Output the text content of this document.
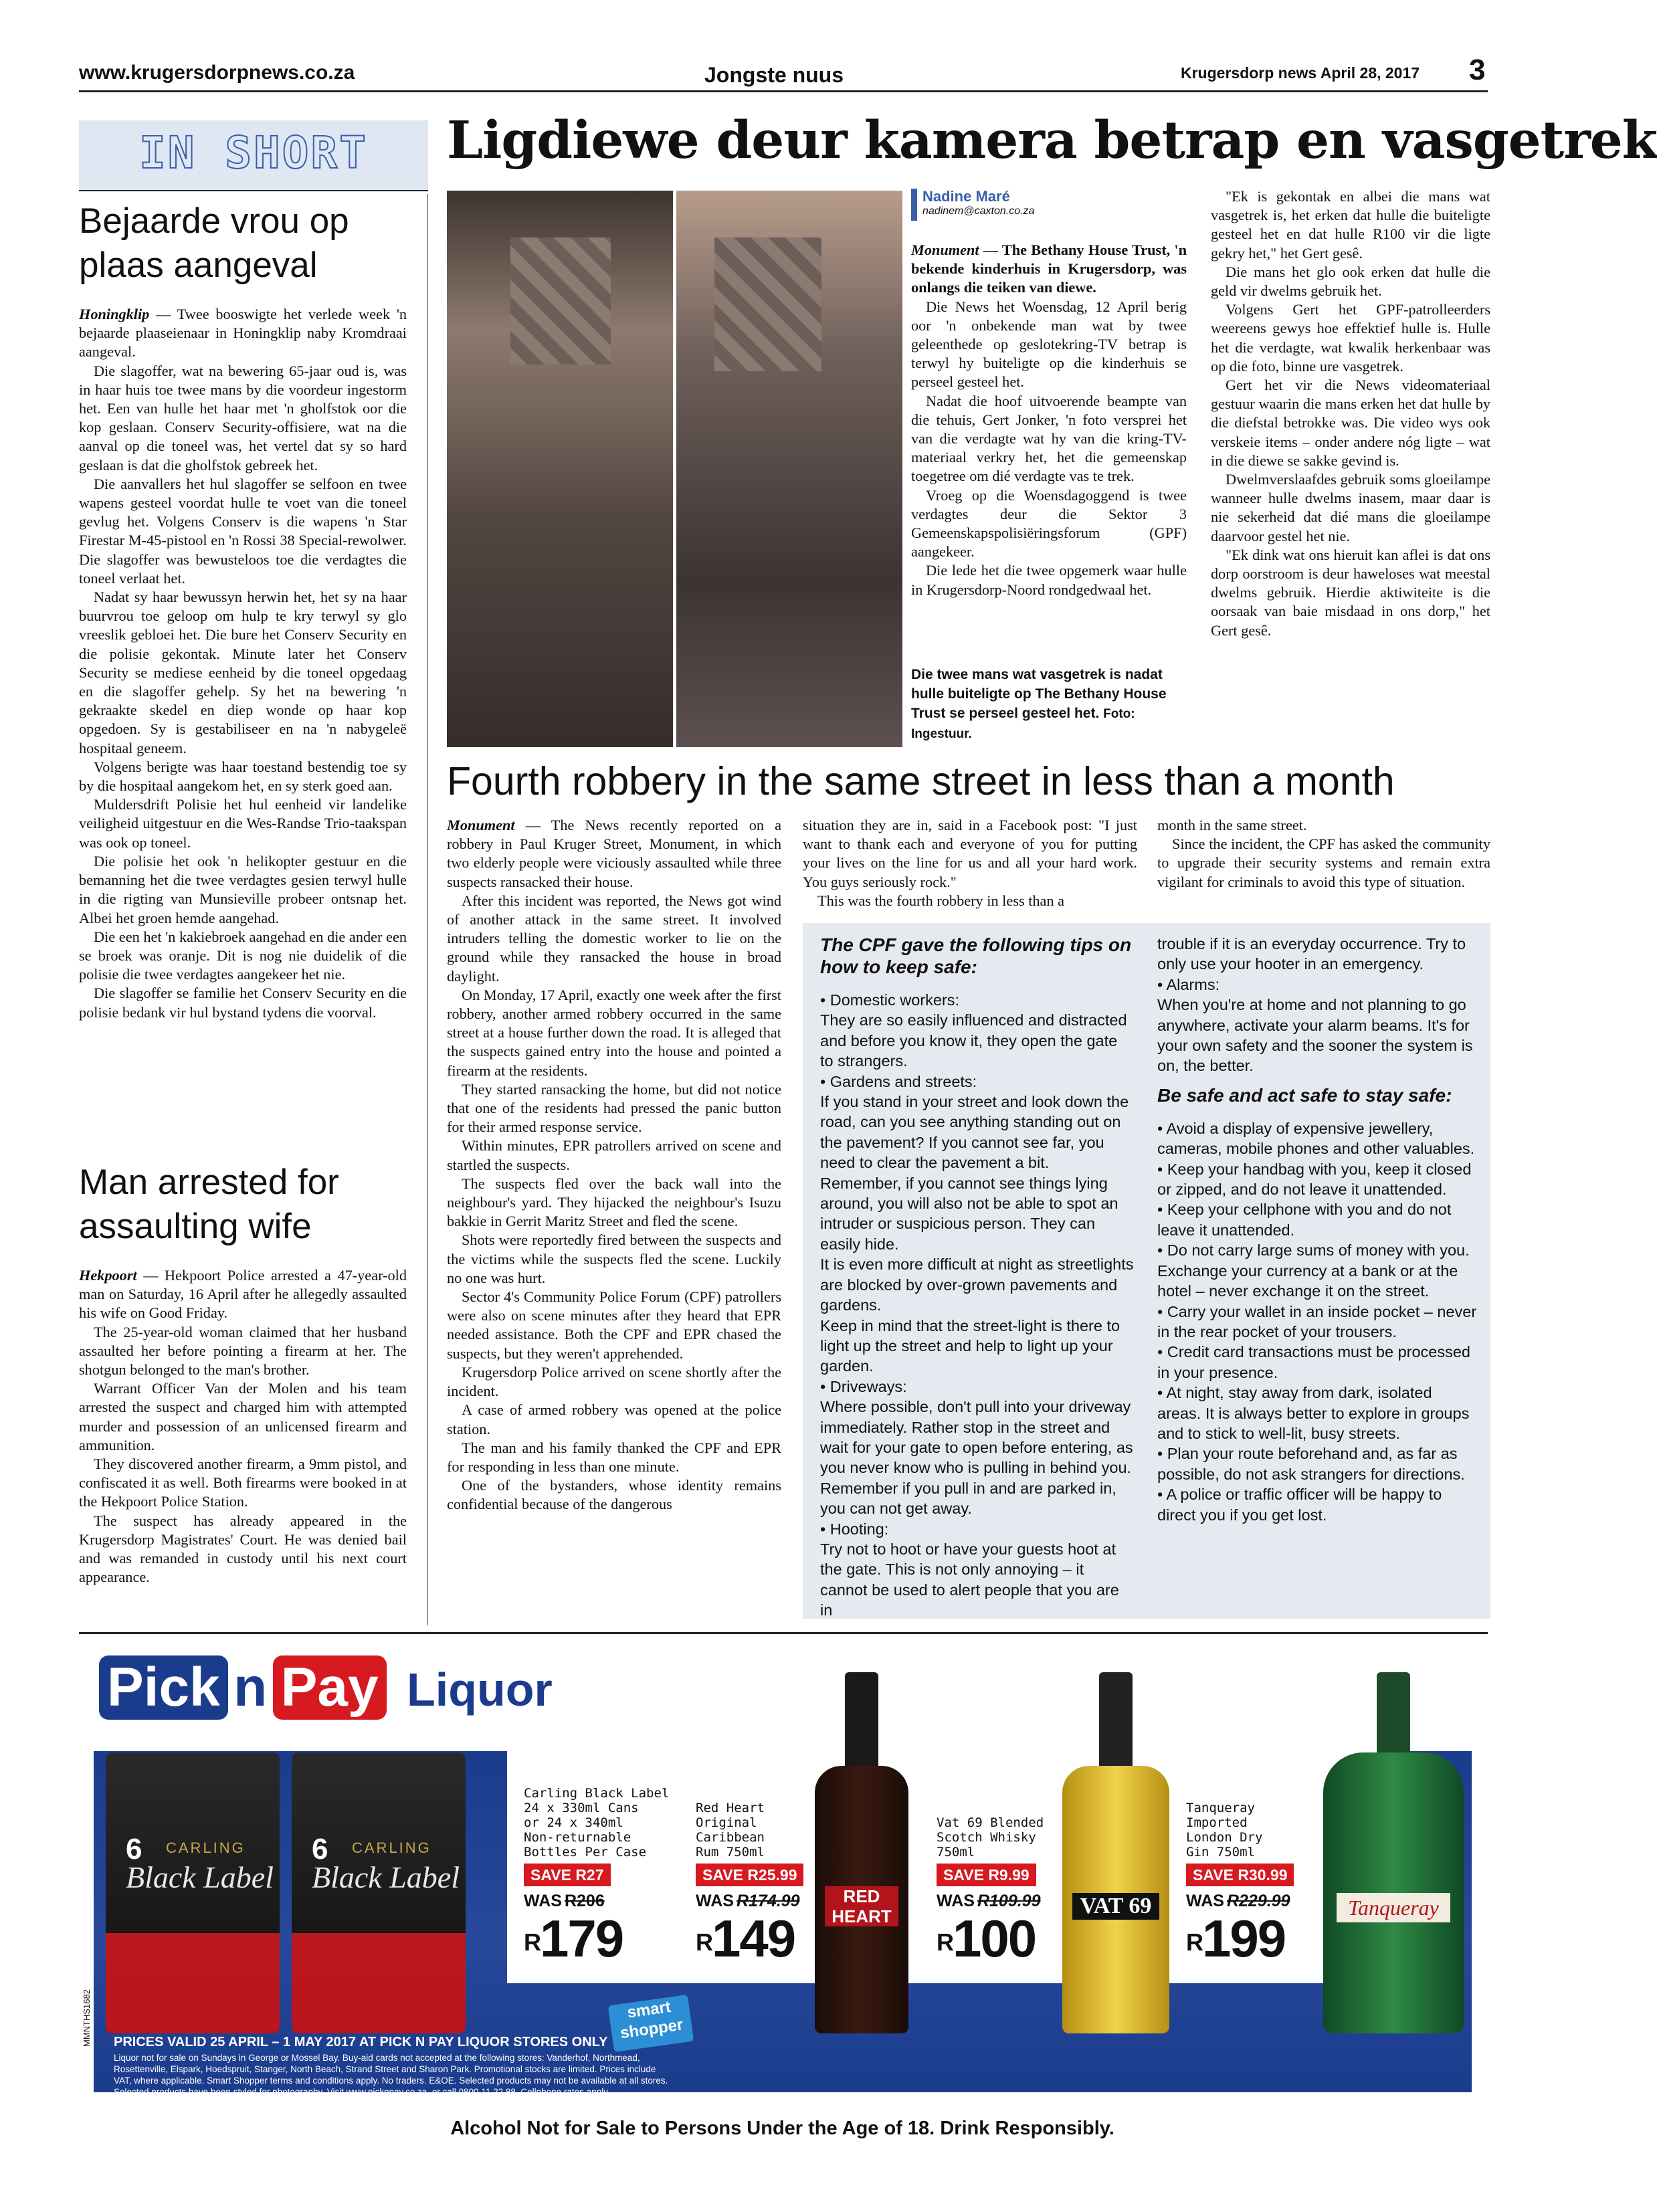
www.krugersdorpnews.co.za	Jongste nuus	Krugersdorp news April 28, 2017 3
IN SHORT
Bejaarde vrou op plaas aangeval

Honingklip — Twee booswigte het verlede week 'n bejaarde plaaseienaar in Honingklip naby Kromdraai aangeval.

Die slagoffer, wat na bewering 65-jaar oud is, was in haar huis toe twee mans by die voordeur ingestorm het. Een van hulle het haar met 'n gholfstok oor die kop geslaan. Conserv Security-offisiere, wat na die aanval op die toneel was, het vertel dat sy so hard geslaan is dat die gholfstok gebreek het.

Die aanvallers het hul slagoffer se selfoon en twee wapens gesteel voordat hulle te voet van die toneel gevlug het. Volgens Conserv is die wapens 'n Star Firestar M-45-pistool en 'n Rossi 38 Special-rewolwer. Die slagoffer was bewusteloos toe die verdagtes die toneel verlaat het.

Nadat sy haar bewussyn herwin het, het sy na haar buurvrou toe geloop om hulp te kry terwyl sy glo vreeslik gebloei het. Die bure het Conserv Security en die polisie gekontak. Minute later het Conserv Security se mediese eenheid by die toneel opgedaag en die slagoffer gehelp. Sy het na bewering 'n gekraakte skedel en diep wonde op haar kop opgedoen. Sy is gestabiliseer en na 'n nabygeleë hospitaal geneem.

Volgens berigte was haar toestand bestendig toe sy by die hospitaal aangekom het, en sy sterk goed aan.

Muldersdrift Polisie het hul eenheid vir landelike veiligheid uitgestuur en die Wes-Randse Trio-taakspan was ook op toneel.

Die polisie het ook 'n helikopter gestuur en die bemanning het die twee verdagtes gesien terwyl hulle in die rigting van Munsieville probeer ontsnap het. Albei het groen hemde aangehad.

Die een het 'n kakiebroek aangehad en die ander een se broek was oranje. Dit is nog nie duidelik of die polisie die twee verdagtes aangekeer het nie.

Die slagoffer se familie het Conserv Security en die polisie bedank vir hul bystand tydens die voorval.

Man arrested for assaulting wife

Hekpoort — Hekpoort Police arrested a 47-year-old man on Saturday, 16 April after he allegedly assaulted his wife on Good Friday.

The 25-year-old woman claimed that her husband assaulted her before pointing a firearm at her. The shotgun belonged to the man's brother.

Warrant Officer Van der Molen and his team arrested the suspect and charged him with attempted murder and possession of an unlicensed firearm and ammunition.

They discovered another firearm, a 9mm pistol, and confiscated it as well. Both firearms were booked in at the Hekpoort Police Station.

The suspect has already appeared in the Krugersdorp Magistrates' Court. He was denied bail and was remanded in custody until his next court appearance.

Ligdiewe deur kamera betrap en vasgetrek
Nadine Maré
nadinem@caxton.co.za

Monument — The Bethany House Trust, 'n bekende kinderhuis in Krugersdorp, was onlangs die teiken van diewe.

Die News het Woensdag, 12 April berig oor 'n onbekende man wat by twee geleenthede op geslotekring-TV betrap is terwyl hy buiteligte op die kinderhuis se perseel gesteel het.

Nadat die hoof uitvoerende beampte van die tehuis, Gert Jonker, 'n foto versprei het van die verdagte wat hy van die kring-TV-materiaal verkry het, het die gemeenskap toegetree om dié verdagte vas te trek.

Vroeg op die Woensdagoggend is twee verdagtes deur die Sektor 3 Gemeenskapspolisiëringsforum (GPF) aangekeer.

Die lede het die twee opgemerk waar hulle in Krugersdorp-Noord rondgedwaal het.

Die twee mans wat vasgetrek is nadat hulle buiteligte op The Bethany House Trust se perseel gesteel het. Foto: Ingestuur.

"Ek is gekontak en albei die mans wat vasgetrek is, het erken dat hulle die buiteligte gesteel het en dat hulle R100 vir die ligte gekry het," het Gert gesê.

Die mans het glo ook erken dat hulle die geld vir dwelms gebruik het.

Volgens Gert het GPF-patrolleerders weereens gewys hoe effektief hulle is. Hulle het die verdagte, wat kwalik herkenbaar was op die foto, binne ure vasgetrek.

Gert het vir die News videomateriaal gestuur waarin die mans erken het dat hulle by die diefstal betrokke was. Die video wys ook verskeie items – onder andere nóg ligte – wat in die diewe se sakke gevind is.

Dwelmverslaafdes gebruik soms gloeilampe wanneer hulle dwelms inasem, maar daar is nie sekerheid dat dié mans die gloeilampe daarvoor gestel het nie.

"Ek dink wat ons hieruit kan aflei is dat ons dorp oorstroom is deur haweloses wat meestal dwelms gebruik. Hierdie aktiwiteite is die oorsaak van baie misdaad in ons dorp," het Gert gesê.

Fourth robbery in the same street in less than a month

Monument — The News recently reported on a robbery in Paul Kruger Street, Monument, in which two elderly people were viciously assaulted while three suspects ransacked their house.

After this incident was reported, the News got wind of another attack in the same street. It involved intruders telling the domestic worker to lie on the ground while they ransacked the house in broad daylight.

On Monday, 17 April, exactly one week after the first robbery, another armed robbery occurred in the same street at a house further down the road. It is alleged that the suspects gained entry into the house and pointed a firearm at the residents.

They started ransacking the home, but did not notice that one of the residents had pressed the panic button for their armed response service.

Within minutes, EPR patrollers arrived on scene and startled the suspects.

The suspects fled over the back wall into the neighbour's yard. They hijacked the neighbour's Isuzu bakkie in Gerrit Maritz Street and fled the scene.

Shots were reportedly fired between the suspects and the victims while the suspects fled the scene. Luckily no one was hurt.

Sector 4's Community Police Forum (CPF) patrollers were also on scene minutes after they heard that EPR needed assistance. Both the CPF and EPR chased the suspects, but they weren't apprehended.

Krugersdorp Police arrived on scene shortly after the incident.

A case of armed robbery was opened at the police station.

The man and his family thanked the CPF and EPR for responding in less than one minute.

One of the bystanders, whose identity remains confidential because of the dangerous

situation they are in, said in a Facebook post: "I just want to thank each and everyone of you for putting your lives on the line for us and all your hard work. You guys seriously rock."

This was the fourth robbery in less than a

month in the same street.

Since the incident, the CPF has asked the community to upgrade their security systems and remain extra vigilant for criminals to avoid this type of situation.

The CPF gave the following tips on how to keep safe:

• Domestic workers:

They are so easily influenced and distracted and before you know it, they open the gate to strangers.

• Gardens and streets:

If you stand in your street and look down the road, can you see anything standing out on the pavement? If you cannot see far, you need to clear the pavement a bit. Remember, if you cannot see things lying around, you will also not be able to spot an intruder or suspicious person. They can easily hide.

It is even more difficult at night as streetlights are blocked by over-grown pavements and gardens.

Keep in mind that the street-light is there to light up the street and help to light up your garden.

• Driveways:

Where possible, don't pull into your driveway immediately. Rather stop in the street and wait for your gate to open before entering, as you never know who is pulling in behind you. Remember if you pull in and are parked in, you can not get away.

• Hooting:

Try not to hoot or have your guests hoot at the gate. This is not only annoying – it cannot be used to alert people that you are in

trouble if it is an everyday occurrence. Try to only use your hooter in an emergency.

• Alarms:

When you're at home and not planning to go anywhere, activate your alarm beams. It's for your own safety and the sooner the system is on, the better.

Be safe and act safe to stay safe:

• Avoid a display of expensive jewellery, cameras, mobile phones and other valuables.

• Keep your handbag with you, keep it closed or zipped, and do not leave it unattended.

• Keep your cellphone with you and do not leave it unattended.

• Do not carry large sums of money with you. Exchange your currency at a bank or at the hotel – never exchange it on the street.

• Carry your wallet in an inside pocket – never in the rear pocket of your trousers.

• Credit card transactions must be processed in your presence.

• At night, stay away from dark, isolated areas. It is always better to explore in groups and to stick to well-lit, busy streets.

• Plan your route beforehand and, as far as possible, do not ask strangers for directions.

• A police or traffic officer will be happy to direct you if you get lost.

Pick n Pay Liquor
6	6
CARLING	CARLING
Black Label Black Label
RED HEART	VAT 69	Tanqueray
Carling Black Label
24 x 330ml Cans
or 24 x 340ml
Non-returnable
Bottles Per Case
SAVE R27
WAS R206
$^R$179
Red Heart
Original
Caribbean
Rum 750ml
SAVE R25.99
WAS R174.99
$^R$149
Vat 69 Blended
Scotch Whisky
750ml
SAVE R9.99
WAS R109.99
$^R$100
Tanqueray
Imported
London Dry
Gin 750ml
SAVE R30.99
WAS R229.99
$^R$199
smart
shopper
MMNTHS1682 PRICES VALID 25 APRIL – 1 MAY 2017 AT PICK N PAY LIQUOR STORES ONLY
Liquor not for sale on Sundays in George or Mossel Bay. Buy-aid cards not accepted at the following stores: Vanderhof, Northmead,
Rosettenville, Elspark, Hoedspruit, Stanger, North Beach, Strand Street and Sharon Park. Promotional stocks are limited. Prices include
VAT, where applicable. Smart Shopper terms and conditions apply. No traders. E&OE. Selected products may not be available at all stores.
Selected products have been styled for photography. Visit www.picknpay.co.za, or call 0800 11 22 88. Cellphone rates apply.
Alcohol Not for Sale to Persons Under the Age of 18. Drink Responsibly.
